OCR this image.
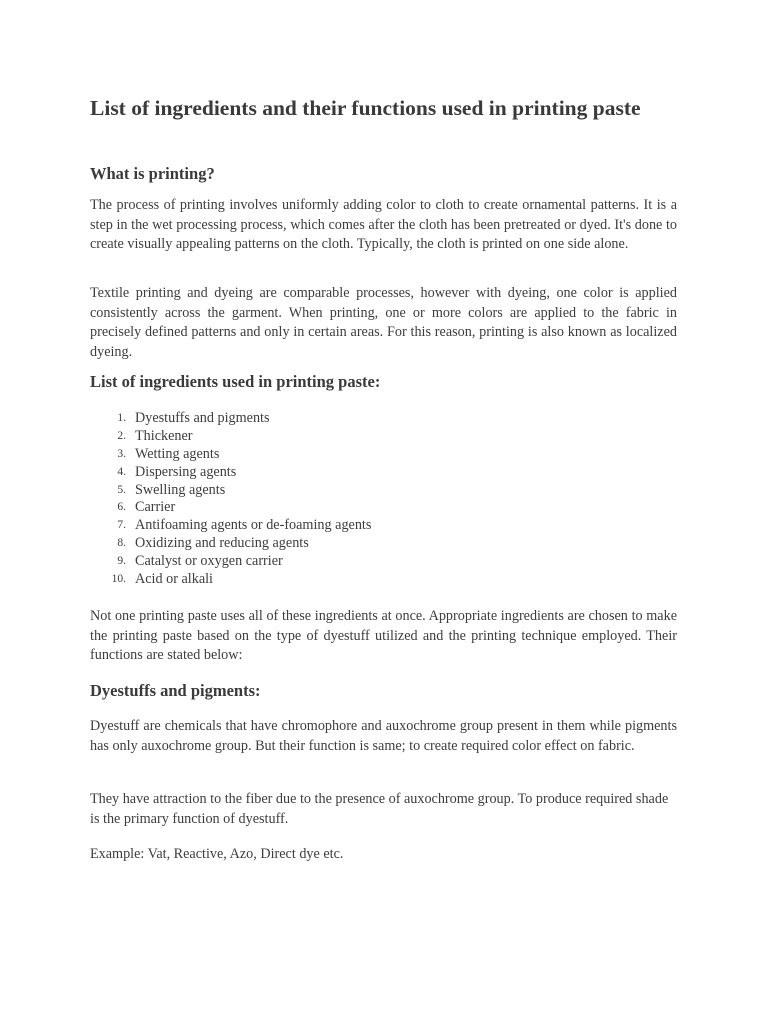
List of ingredients and their functions used in printing paste
What is printing?

The process of printing involves uniformly adding color to cloth to create ornamental patterns. It is a step in the wet processing process, which comes after the cloth has been pretreated or dyed. It's done to create visually appealing patterns on the cloth. Typically, the cloth is printed on one side alone.

Textile printing and dyeing are comparable processes, however with dyeing, one color is applied consistently across the garment. When printing, one or more colors are applied to the fabric in precisely defined patterns and only in certain areas. For this reason, printing is also known as localized dyeing.

List of ingredients used in printing paste:
1. Dyestuffs and pigments
2. Thickener
3. Wetting agents
4. Dispersing agents
5. Swelling agents
6. Carrier
7. Antifoaming agents or de-foaming agents
8. Oxidizing and reducing agents
9. Catalyst or oxygen carrier
10. Acid or alkali

Not one printing paste uses all of these ingredients at once. Appropriate ingredients are chosen to make the printing paste based on the type of dyestuff utilized and the printing technique employed. Their functions are stated below:

Dyestuffs and pigments:

Dyestuff are chemicals that have chromophore and auxochrome group present in them while pigments has only auxochrome group. But their function is same; to create required color effect on fabric.

They have attraction to the fiber due to the presence of auxochrome group. To produce required shade is the primary function of dyestuff.

Example: Vat, Reactive, Azo, Direct dye etc.
